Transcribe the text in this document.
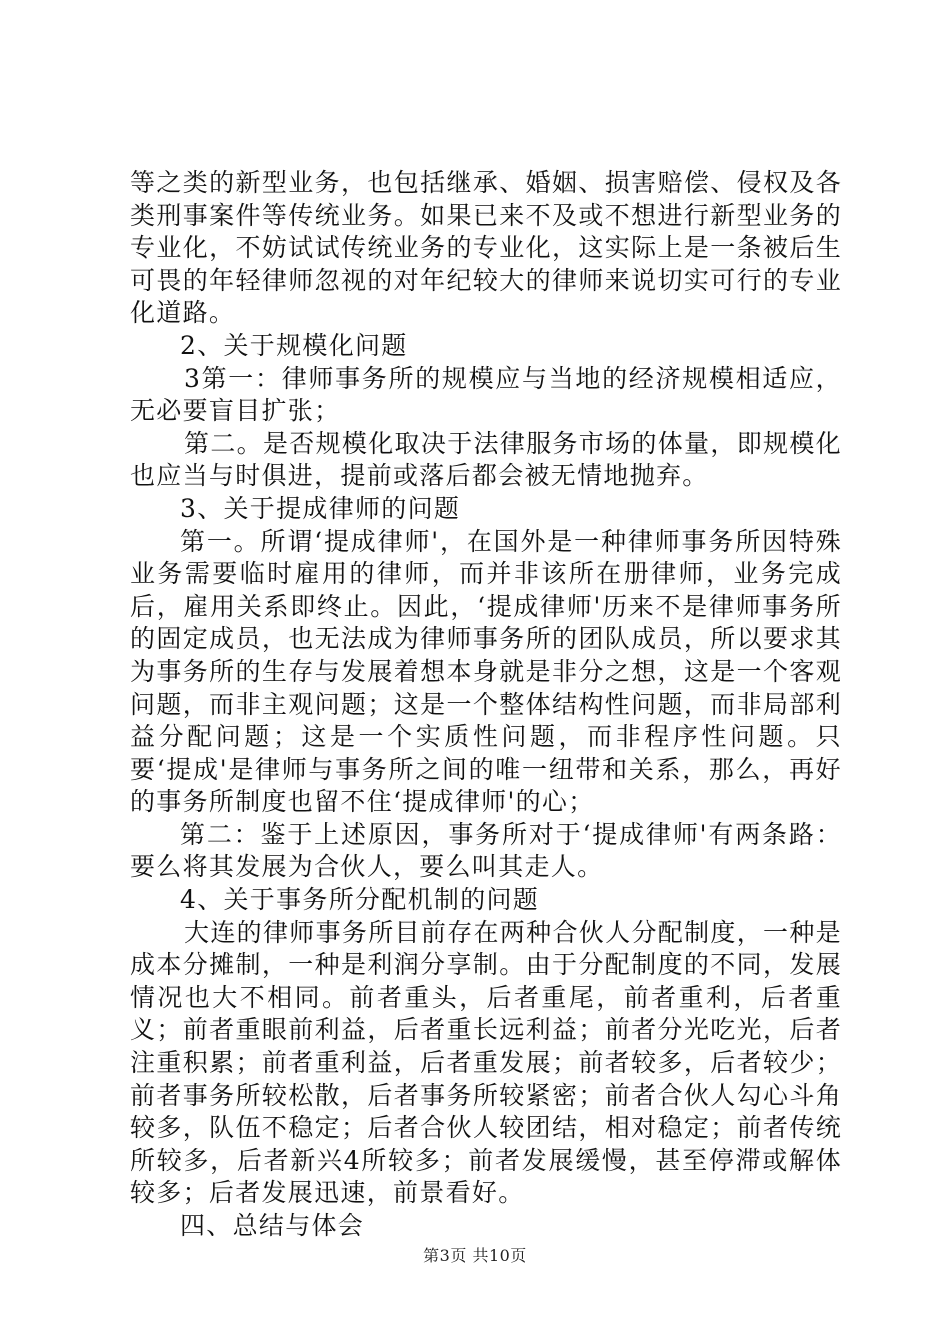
等之类的新型业务，也包括继承、婚姻、损害赔偿、侵权及各类刑事案件等传统业务。如果已来不及或不想进行新型业务的专业化，不妨试试传统业务的专业化，这实际上是一条被后生可畏的年轻律师忽视的对年纪较大的律师来说切实可行的专业化道路。

2、关于规模化问题

3第一：律师事务所的规模应与当地的经济规模相适应，无必要盲目扩张；

第二。是否规模化取决于法律服务市场的体量，即规模化也应当与时俱进，提前或落后都会被无情地抛弃。

3、关于提成律师的问题

第一。所谓‘提成律师'，在国外是一种律师事务所因特殊业务需要临时雇用的律师，而并非该所在册律师，业务完成后，雇用关系即终止。因此，‘提成律师'历来不是律师事务所的固定成员，也无法成为律师事务所的团队成员，所以要求其为事务所的生存与发展着想本身就是非分之想，这是一个客观问题，而非主观问题；这是一个整体结构性问题，而非局部利益分配问题；这是一个实质性问题，而非程序性问题。只要‘提成'是律师与事务所之间的唯一纽带和关系，那么，再好的事务所制度也留不住‘提成律师'的心；

第二：鉴于上述原因，事务所对于‘提成律师'有两条路：要么将其发展为合伙人，要么叫其走人。

4、关于事务所分配机制的问题

大连的律师事务所目前存在两种合伙人分配制度，一种是成本分摊制，一种是利润分享制。由于分配制度的不同，发展情况也大不相同。前者重头，后者重尾，前者重利，后者重义；前者重眼前利益，后者重长远利益；前者分光吃光，后者注重积累；前者重利益，后者重发展；前者较多，后者较少；前者事务所较松散，后者事务所较紧密；前者合伙人勾心斗角较多，队伍不稳定；后者合伙人较团结，相对稳定；前者传统所较多，后者新兴4所较多；前者发展缓慢，甚至停滞或解体较多；后者发展迅速，前景看好。

四、总结与体会

第3页 共10页
